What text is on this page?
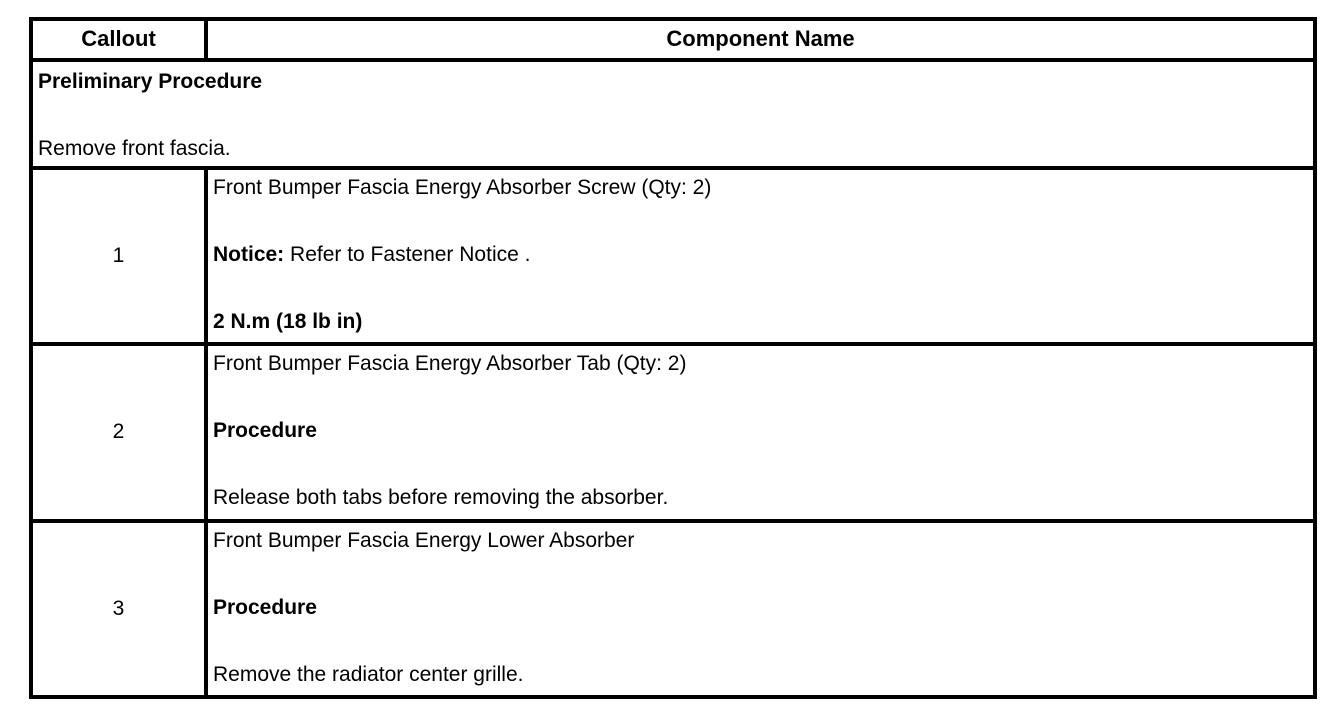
Callout	Component Name

Preliminary Procedure
Remove front fascia.	

1	Front Bumper Fascia Energy Absorber Screw (Qty: 2)
Notice: Refer to Fastener Notice .
2 N.m (18 lb in)

2	Front Bumper Fascia Energy Absorber Tab (Qty: 2)
Procedure
Release both tabs before removing the absorber.

3	Front Bumper Fascia Energy Lower Absorber
Procedure
Remove the radiator center grille.
